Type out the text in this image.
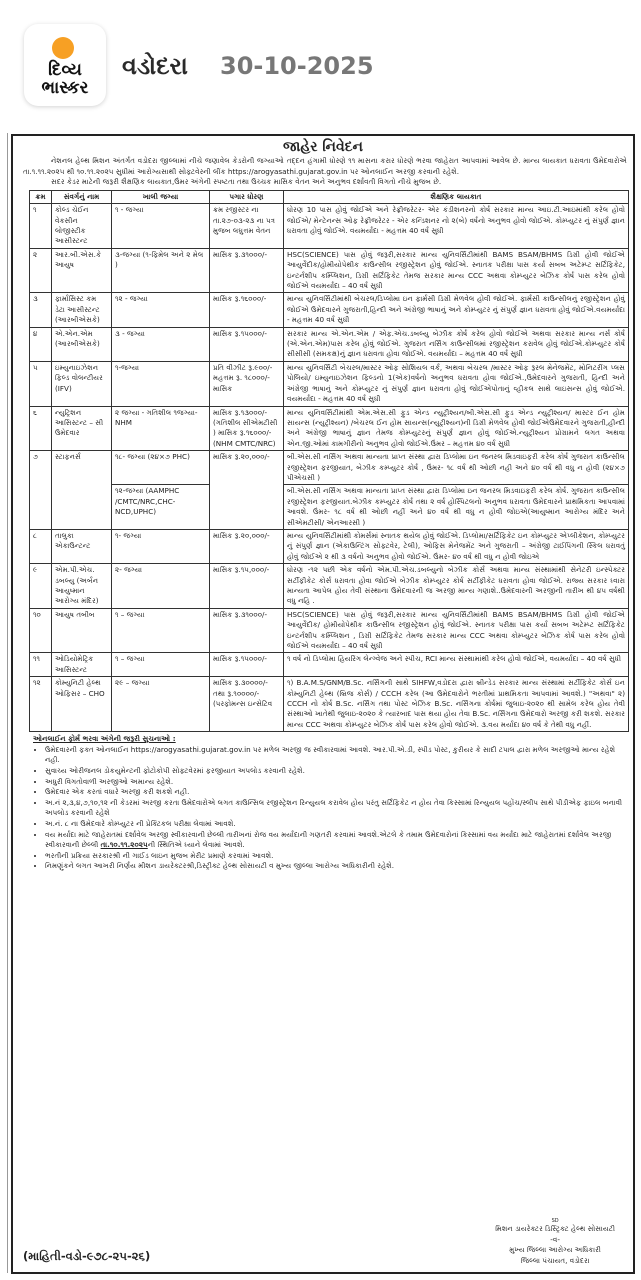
દિવ્ય
ભાસ્કર
વડોદરા 30-10-2025
જાહેર નિવેદન

નેશનલ હેલ્થ મિશન અંતર્ગત વડોદરા જીલ્લામાં નીચે જણાવેલ કેડરોની જગ્યાઓ તદ્દન હંગામી ધોરણે ૧૧ માસના કરાર ધોરણે ભરવા જાહેરાત આપવામાં આવેલ છે. માન્ય લાયકાત ધરાવતા ઉમેદવારોએ તા.૧.૧૧.૨૦૨૫ થી ૧૦.૧૧.૨૦૨૫ સુધીમાં આરોગ્યસાથી સોફ્ટવેરની લીંક https://arogyasathi.gujarat.gov.in પર ઓનલાઈન અરજી કરવાની રહેશે.

સદર કેડર માટેની જરૂરી શૈક્ષણિક લાયકાત,ઉંમર અંગેની સ્પષ્ટતા તથા ઉચ્ચક માસિક વેતન અને અનુભવ દર્શાવતી વિગતો નીચે મુજબ છે.

ક્રમ	સંવર્ગનું નામ	ખાલી જગ્યા	પગાર ધોરણ	શૈક્ષણિક લાયકાત
૧	કોલ્ડ ચેઈન વેકસીન લોજીસ્ટીક આસીસ્ટન્ટ	૧ - જગ્યા	ક્રમ રજીસ્ટર ના તા.૨૭-૦૩-૨૩ ના પત્ર મુજબ લઘુત્તમ વેતન	ધોરણ 10 પાસ હોવું જોઈએ અને રેફ્રીજરેટર- એર કંડીશનરનો કોર્ષ સરકાર માન્ય આઇ.ટી.આઇમાંથી કરેલ હોવો જોઈએ/ મેન્ટેનન્સ ઓફ રેફ્રીજરેટર - એર કન્ડિશનર નો ૨(બે) વર્ષનો અનુભવ હોવો જોઈએ. કોમ્પ્યુટર નું સંપુર્ણ જ્ઞાન ધરાવતા હોવું જોઈએ. વયમર્યાદા - મહત્તમ 40 વર્ષ સુધી
૨	આર.બી.એસ.કે આયુષ	૩-જગ્યા (૧-ફિમેલ અને ૨ મેલ )	માસિક રૂ.૩૧૦૦૦/-	HSC(SCIENCE) પાસ હોવું જરૂરી,સરકાર માન્ય યુનિવર્સિટીમાંથી BAMS BSAM/BHMS ડિગ્રી હોવી જોઈએ આયુર્વેદીક/હોમીયોપેથીક કાઉન્સીલ રજીસ્ટ્રેશન હોવું જોઈએ. સ્નાતક પરીક્ષા પાસ કર્યા સબબ અટેમ્પ્ટ સર્ટિફિકેટ, ઇન્ટર્નશીપ કમ્પ્લિશન, ડિગ્રી સર્ટિફિકેટ તેમજ સરકાર માન્ય CCC અથવા કોમ્પ્યુટર બેઝિક કોર્ષ પાસ કરેલ હોવો જોઈએ વયમર્યાદા – 40 વર્ષ સુધી
૩	ફાર્માસિસ્ટ કમ ડેટા આસીસ્ટન્ટ (આરબીએસકે)	૧૨ - જગ્યા	માસિક રૂ.૧૬૦૦૦/-	માન્ય યુનિવર્સિટીમાંથી બેચરલ/ડિપ્લોમા ઇન ફાર્મસી ડિગ્રી મેળવેલ હોવી જોઈએ. ફાર્મસી કાઉન્સીલનું રજીસ્ટ્રેશન હોવું જોઈએ ઉમેદવારને ગુજરાતી,હિન્દી અને અંગ્રેજી ભાષાનું અને કોમ્પ્યુટર નું સંપુર્ણ જ્ઞાન ધરાવતા હોવું જોઈએ.વયમર્યાદા - મહત્તમ 40 વર્ષ સુધી
૪	એ.એન.એમ (આરબીએસકે)	૩ - જગ્યા	માસિક રૂ.૧૫૦૦૦/-	સરકાર માન્ય એ.એન.એમ / એફ.એચ.ડબલ્યુ બેઝીક કોર્ષ કરેલ હોવો જોઈએ અથવા સરકાર માન્ય નર્સ કોર્ષ (એ.એન.એમ)પાસ કરેલ હોવું જોઈએ. ગુજરાત નર્સિંગ કાઉન્સીલમાં રજીસ્ટ્રેશન કરાવેલ હોવું જોઈએ.કોમ્પ્યુટર કોર્ષ સીસીસી (સમકક્ષ)નું જ્ઞાન ધરાવતા હોવા જોઈએ. વયમર્યાદા – મહત્તમ 40 વર્ષ સુધી
૫	ઇમ્યુનાઇઝેશન ફિલ્ડ વોલન્ટીયર (IFV)	૧-જગ્યા	પ્રતિ વીઝીટ રૂ.૯૦૦/- મહત્તમ રૂ. ૧૮૦૦૦/- માસિક	માન્ય યુનિવર્સિટી બેચરલ/માસ્ટર ઓફ સોશિયલ વર્ક, અથવા બેચરલ /માસ્ટર ઓફ રૂરલ મેનેજમેંટ, મોનિટરીંગ પ્લસ પોલિયો/ ઇમ્યુનાઇઝેશન ફિલ્ડનો 1(એક)વર્ષનો અનુભવ ધરાવતા હોવા જોઈએ.,ઉમેદવારને ગુજરાતી, હિન્દી અને અંગ્રેજી ભાષાનું અને કોમ્પ્યુટર નું સંપુર્ણ જ્ઞાન ધરાવતા હોવું જોઈએપોતાનું વ્હીકલ સાથે લાઇસન્સ હોવું જોઈએ. વયમર્યાદા - મહત્તમ 40 વર્ષ સુધી
૬	ન્યુટ્રિશન આસિસ્ટન્ટ – સી ઉમેદવાર	૨ જગ્યા - ગતિશીલ ૧જગ્યા- NHM	માસિક રૂ.૧૩૦૦૦/- (ગતિશીલ સીએમટીસી ) માસિક રૂ.૧૬૦૦૦/- (NHM CMTC/NRC)	માન્ય યુનિવર્સિટીમાંથી એમ.એસ.સી ફુડ એન્ડ ન્યુટ્રીશ્યન/બી.એસ.સી ફુડ એન્ડ ન્યુટ્રીશ્યન/ માસ્ટર ઈન હોમ સાયન્સ (ન્યુટ્રીશ્યન) /બેચરલ ઈન હોમ સાયન્સ(ન્યુટ્રીશ્યન)ની ડિગ્રી મેળવેલ હોવી જોઈએઉમેદવારને ગુજરાતી,હીન્દી અને અંગ્રેજી ભાષાનું જ્ઞાન તેમજ કોમ્પ્યુટરનું સંપુર્ણ જ્ઞાન હોવું જોઈએ.ન્યુટ્રીશ્યન પ્રોગ્રામને લગત અથવા એન.જી.ઓમાં કામગીરીનો અનુભવ હોવો જોઈએ.ઉંમર – મહત્તમ ૪૦ વર્ષ સુધી
૭	સ્ટાફનર્સ	૧૮- જગ્યા (૨૪×૭ PHC)	માસિક રૂ.૨૦,૦૦૦/-	બી.એસ.સી નર્સિંગ અથવા માન્યતા પ્રાપ્ત સંસ્થા દ્વારા ડિપ્લોમા ઇન જનરલ મિડવાઇફરી કરેલ કોર્ષ ગુજરાત કાઉન્સીલ રજીસ્ટ્રેશન ફરજીયાત, બેઝીક કમ્પ્યુટર કોર્ષ , ઉંમર- ૧૮ વર્ષ થી ઓછી નહી અને ૪૦ વર્ષ થી વધુ ન હોવી (૨૪×૭ પીએચસી )
		૧૨-જગ્યા (AAMPHC /CMTC/NRC,CHC-NCD,UPHC)		બી.એસ.સી નર્સિંગ અથવા માન્યતા પ્રાપ્ત સંસ્થા દ્વારા ડિપ્લોમા ઇન જનરલ મિડવાઇફરી કરેલ કોર્ષ. ગુજરાત કાઉન્સીલ રજીસ્ટ્રેશન ફરજીયાત.બેઝીક કમ્પ્યુટર કોર્ષ તથા ૨ વર્ષ હોસ્પિટલનો અનુભવ ધરાવતા ઉમેદવારને પ્રાથમિકતા આપવામાં આવશે. ઉંમર- ૧૮ વર્ષ થી ઓછી નહીં અને ૪૦ વર્ષ થી વધુ ન હોવી જોઇએ(આયુષ્માન આરોગ્ય મંદિર અને સીએમટીસી/ એનઆરસી )
૮	તાલુકા એકાઉન્ટન્ટ	૧- જગ્યા	માસિક રૂ.૨૦,૦૦૦/-	માન્ય યુનિવર્સિટીમાંથી કોમર્સમાં સ્નાતક થયેલ હોવું જોઈએ. ડિપ્લોમા/સર્ટિફિકેટ ઇન કોમ્પ્યુટર એપ્લીકેશન, કોમ્પ્યુટર નું સંપુર્ણ જ્ઞાન (એકાઉન્ટિંગ સોફ્ટવેર, ટેલી), ઓફિસ મેનેજમેંટ અને ગુજરાતી – અંગ્રેજી ટાઈપિંગની સ્કિલ ધરાવતું હોવું જોઈએ ૨ થી ૩ વર્ષનો અનુભવ હોવો જોઈએ. ઉંમર- ૪૦ વર્ષ થી વધુ ન હોવી જોઇએ
૯	એમ.પી.એચ. ડબલ્યુ (અર્બન આયુષ્માન આરોગ્ય મંદિર)	૨- જગ્યા	માસિક રૂ.૧૫,૦૦૦/-	ધોરણ -૧૨ પછી એક વર્ષનો એમ.પી.એચ.ડબલ્યુનો બેઝીક કોર્સ અથવા માન્ય સંસ્થામાંથી સેનેટરી ઇન્સ્પેક્ટર સર્ટીફીકેટ કોર્સ ધરાવતા હોવા જોઈએ બેઝીક કોમ્પ્યુટર કોર્ષ સર્ટીફીકેટ ધરાવતા હોવા જોઈએ. રાજ્ય સરકાર ધ્વારા માન્યતા આપેલ હોય તેવી સંસ્થાના ઉમેદવારની જ અરજી માન્ય ગણાશે..ઉમેદવારની અરજીની તારીખ થી ૪૫ વર્ષથી વધુ નહિ .
૧૦	આયુષ તબીબ	૧ – જગ્યા	માસિક રૂ.૩૧૦૦૦/-	HSC(SCIENCE) પાસ હોવું જરૂરી,સરકાર માન્ય યુનિવર્સિટીમાંથી BAMS BSAM/BHMS ડિગ્રી હોવી જોઈએ આયુર્વેદીક/ હોમીયોપેથીક કાઉન્સીલ રજીસ્ટ્રેશન હોવું જોઈએ. સ્નાતક પરીક્ષા પાસ કર્યા સબબ અટેમ્પ્ટ સર્ટિફિકેટ ઇન્ટર્નશીપ કમ્પ્લિશન , ડિગ્રી સર્ટિફિકેટ તેમજ સરકાર માન્ય CCC અથવા કોમ્પ્યુટર બેઝિક કોર્ષ પાસ કરેલ હોવો જોઈએ વયમર્યાદા – 40 વર્ષ સુધી
૧૧	ઓડિયોમેટ્રિક આસિસ્ટન્ટ	૧ – જગ્યા	માસિક રૂ.૧૫૦૦૦/-	૧ વર્ષ નો ડિપ્લોમા હિયરિંગ લેન્ગ્વેજ અને સ્પીચ, RCI માન્ય સંસ્થામાંથી કરેલ હોવો જોઈએ, વયમર્યાદા – 40 વર્ષ સુધી
૧૨	કોમ્યુનિટી હેલ્થ ઓફિસર – CHO	૨૯ – જગ્યા	માસિક રૂ.૩૦૦૦૦/- તથા રૂ.૧૦૦૦૦/- (પરફોમન્સ ઇન્સેટિવ	૧) B.A.M.S/GNM/B.Sc. નર્સિંગની સાથે SIHFW,વડોદરા દ્વારા બ્રીન્ડેડ સરકાર માન્ય સંસ્થામાં સર્ટીફિકેટ કોર્સ ઇન કોમ્યુનિટી હેલ્થ (બ્રિજ કોર્સ) / CCCH કરેલ (આ ઉમેદવારોને ભરતીમાં પ્રાથમિકતા આપવામાં આવશે.) "અથવા" ૨) CCCH નો કોર્ષ B.Sc. નર્સિંગ તથા પોસ્ટ બેઝિક B.Sc. નર્સિંગના કોર્ષમાં જુલાઇ-૨૦૨૦ થી સામેલ કરેલ હોય તેવી સંસ્થાઓ ખાતેથી જુલાઇ-૨૦૨૦ કે ત્યારબાદ પાસ થયા હોય તેવા B.Sc. નર્સિંગના ઉમેદવારો અરજી કરી શકશે. સરકાર માન્ય CCC અથવા કોમ્પ્યુટર બેઝિક કોર્ષ પાસ કરેલ હોવો જોઈએ. ૩.વય મર્યાદા ૪૦ વર્ષ કે તેથી વધુ નહીં.
ઓનલાઈન ફોર્મ ભરવા અંગેની જરૂરી સુચનાઓ :
• ઉમેદવારની ફક્ત ઓનલાઈન https://arogyasathi.gujarat.gov.in પર મળેલ અરજી જ સ્વીકારવામાં આવશે. આર.પી.એ.ડી, સ્પીડ પોસ્ટ, કુરીયર કે સાદી ટપાલ દ્વારા મળેલ અરજીઓ માન્ય રહેશે નહી.
• સુવાચ્ય ઓરીજનલ ડોકયુમેન્ટની ફોટોકોપી સોફ્ટવેરમાં ફરજીયાત અપલોડ કરવાની રહેશે.
• અધુરી વિગતોવાળી અરજીઓ અમાન્ય રહેશે.
• ઉમેદવાર એક કરતાં વધારે અરજી કરી શકશે નહી.
• અ.નં ૨,૩,૪,૭,૧૦,૧૨ ની કેડરમાં અરજી કરતા ઉમેદવારોએ લગત કાઉન્સિલ રજીસ્ટ્રેશન રિન્યુયલ કરાવેલ હોય પરંતુ સર્ટિફિકેટ ન હોય તેવા કિસ્સામાં રિન્યુયલ પહોંચ/સ્લીપ સાથે પીડીએફ ફાઇલ બનાવી અપલોડ કરવાની રહેશે
• અ.નં. ૮ ના ઉમેદવારે કોમ્પ્યુટર ની પ્રેક્ટિકલ પરીક્ષા લેવામાં આવશે.
• વય મર્યાદા માટે જાહેરાતમાં દર્શાવેલ અરજી સ્વીકારવાની છેલ્લી તારીખનાં રોજ વય મર્યાદાની ગણતરી કરવામાં આવશે.એટલે કે તમામ ઉમેદવારોનાં કિસ્સામાં વય મર્યાદા માટે જાહેરાતમાં દર્શાવેલ અરજી સ્વીકારવાની છેલ્લી તા.૧૦.૧૧.૨૦૨૫ની સ્થિતિએ ધ્યાને લેવામાં આવશે.
• ભરતીની પ્રક્રિયા સરકારશ્રી ની ગાઈડ લાઇન મુજબ મેરીટ પ્રમાણે કરવામાં આવશે.
• નિમણુંકને લગત આખરી નિર્ણય મીશન ડાયરેક્ટરશ્રી,ડિસ્ટ્રીક્ટ હેલ્થ સોસાયટી વ મુખ્ય જીલ્લા આરોગ્ય અધિકારીની રહેશે.
(માહિતી-વડો-૯૭૮-૨૫-૨૬)
SD
મિશન ડાયરેક્ટર ડિસ્ટ્રિક્ટ હેલ્થ સોસાયટી
-વ-
મુખ્ય જિલ્લા આરોગ્ય અધિકારી
જિલ્લા પંચાયત, વડોદરા
